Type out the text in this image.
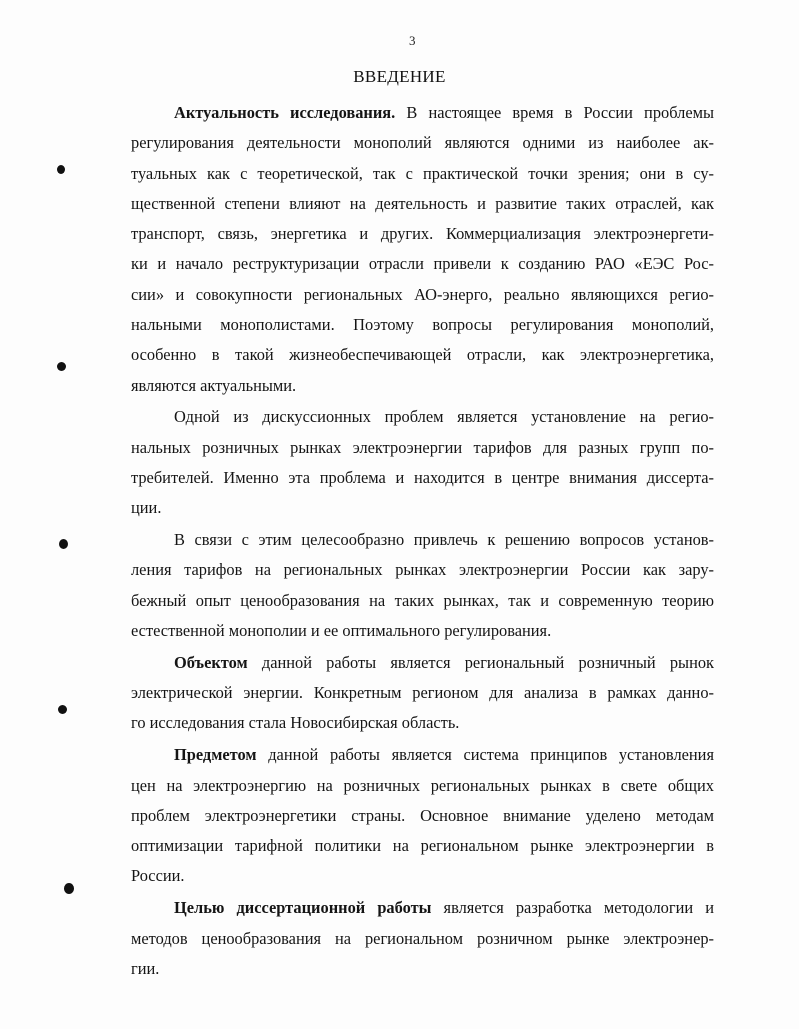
3
ВВЕДЕНИЕ
Актуальность исследования. В настоящее время в России проблемы
регулирования деятельности монополий являются одними из наиболее ак-
туальных как с теоретической, так с практической точки зрения; они в су-
щественной степени влияют на деятельность и развитие таких отраслей, как
транспорт, связь, энергетика и других. Коммерциализация электроэнергети-
ки и начало реструктуризации отрасли привели к созданию РАО «ЕЭС Рос-
сии» и совокупности региональных АО-энерго, реально являющихся регио-
нальными монополистами. Поэтому вопросы регулирования монополий,
особенно в такой жизнеобеспечивающей отрасли, как электроэнергетика,
являются актуальными.
Одной из дискуссионных проблем является установление на регио-
нальных розничных рынках электроэнергии тарифов для разных групп по-
требителей. Именно эта проблема и находится в центре внимания диссерта-
ции.
В связи с этим целесообразно привлечь к решению вопросов установ-
ления тарифов на региональных рынках электроэнергии России как зару-
бежный опыт ценообразования на таких рынках, так и современную теорию
естественной монополии и ее оптимального регулирования.
Объектом данной работы является региональный розничный рынок
электрической энергии. Конкретным регионом для анализа в рамках данно-
го исследования стала Новосибирская область.
Предметом данной работы является система принципов установления
цен на электроэнергию на розничных региональных рынках в свете общих
проблем электроэнергетики страны. Основное внимание уделено методам
оптимизации тарифной политики на региональном рынке электроэнергии в
России.
Целью диссертационной работы является разработка методологии и
методов ценообразования на региональном розничном рынке электроэнер-
гии.
